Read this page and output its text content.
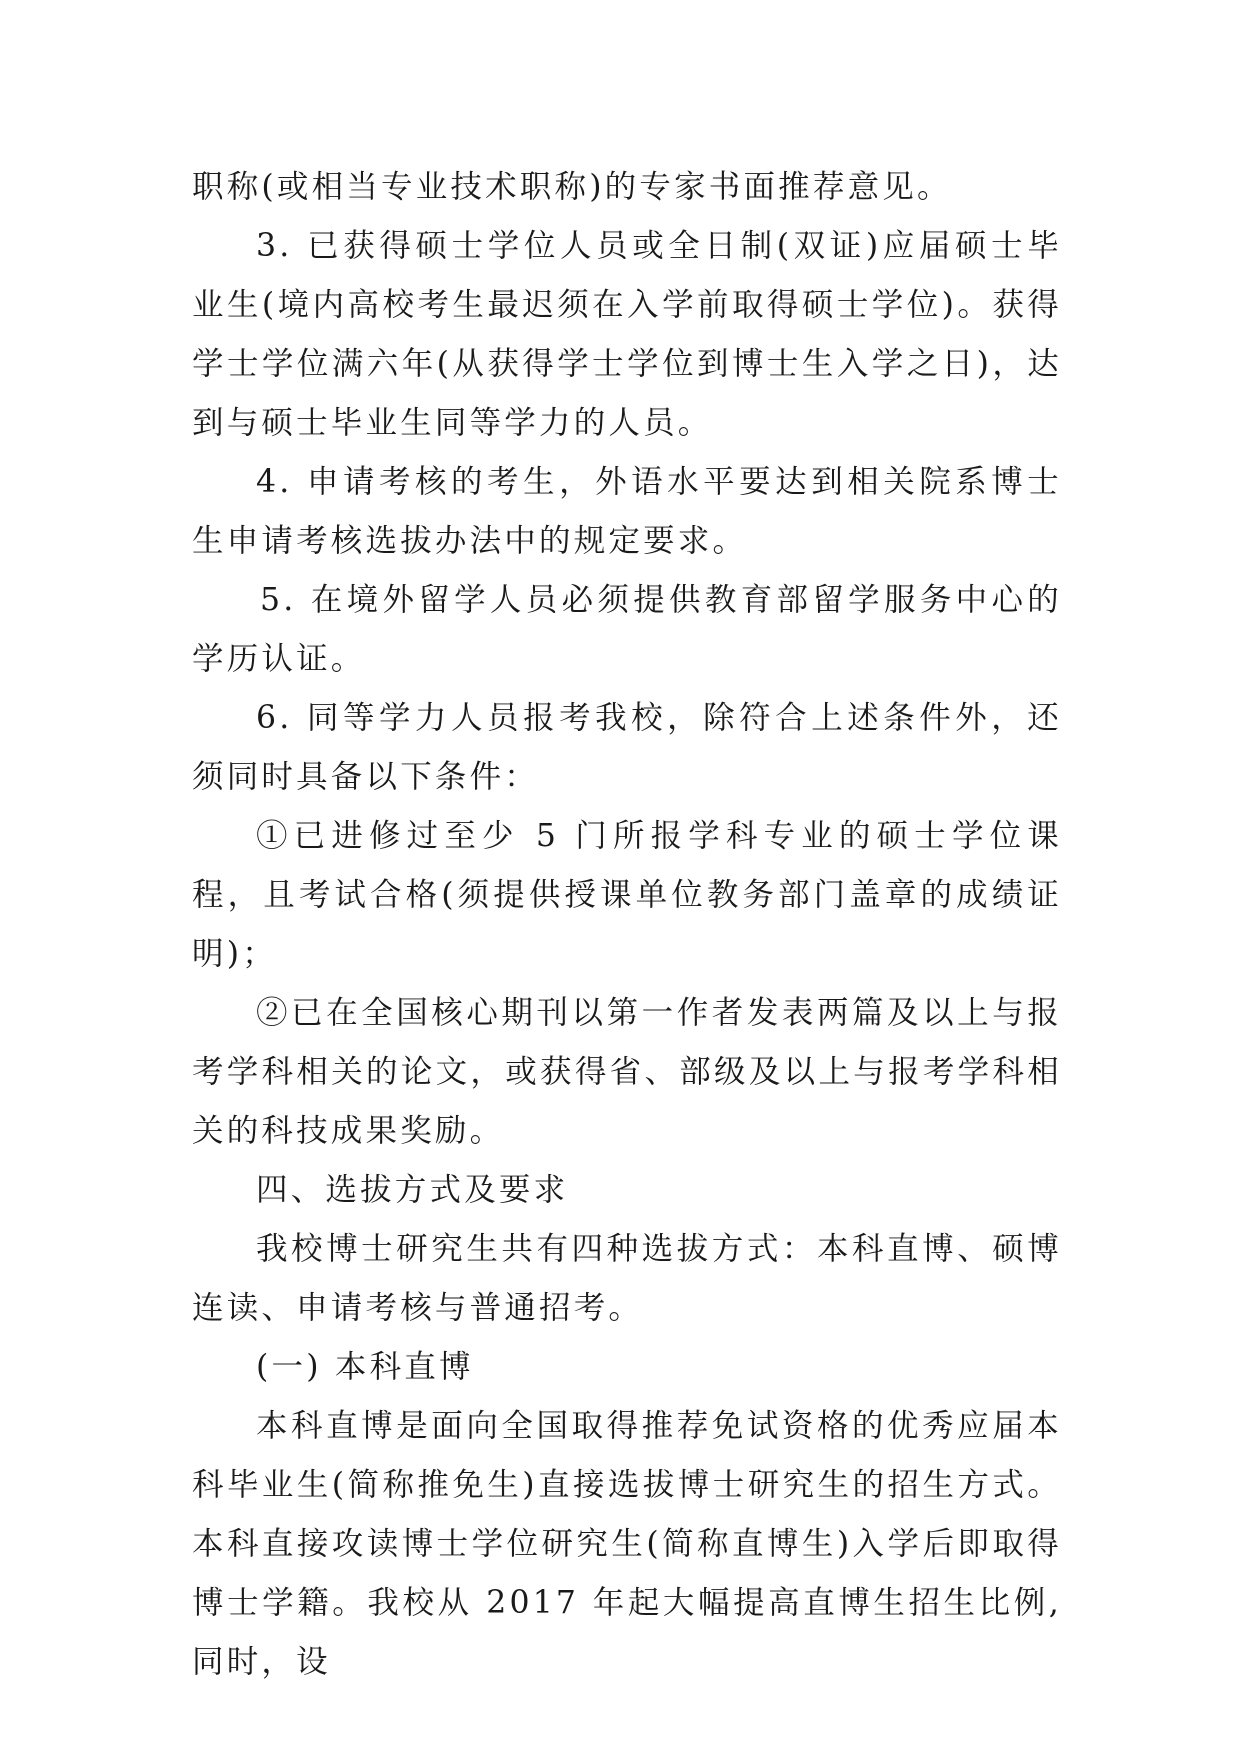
职称(或相当专业技术职称)的专家书面推荐意见。

3. 已获得硕士学位人员或全日制(双证)应届硕士毕业生(境内高校考生最迟须在入学前取得硕士学位)。获得学士学位满六年(从获得学士学位到博士生入学之日)，达到与硕士毕业生同等学力的人员。

4. 申请考核的考生，外语水平要达到相关院系博士生申请考核选拔办法中的规定要求。

5. 在境外留学人员必须提供教育部留学服务中心的学历认证。

6. 同等学力人员报考我校，除符合上述条件外，还须同时具备以下条件：

①已进修过至少 5 门所报学科专业的硕士学位课程，且考试合格(须提供授课单位教务部门盖章的成绩证明)；

②已在全国核心期刊以第一作者发表两篇及以上与报考学科相关的论文，或获得省、部级及以上与报考学科相关的科技成果奖励。

四、选拔方式及要求

我校博士研究生共有四种选拔方式：本科直博、硕博连读、申请考核与普通招考。

(一) 本科直博

本科直博是面向全国取得推荐免试资格的优秀应届本科毕业生(简称推免生)直接选拔博士研究生的招生方式。本科直接攻读博士学位研究生(简称直博生)入学后即取得博士学籍。我校从 2017 年起大幅提高直博生招生比例,同时，设
